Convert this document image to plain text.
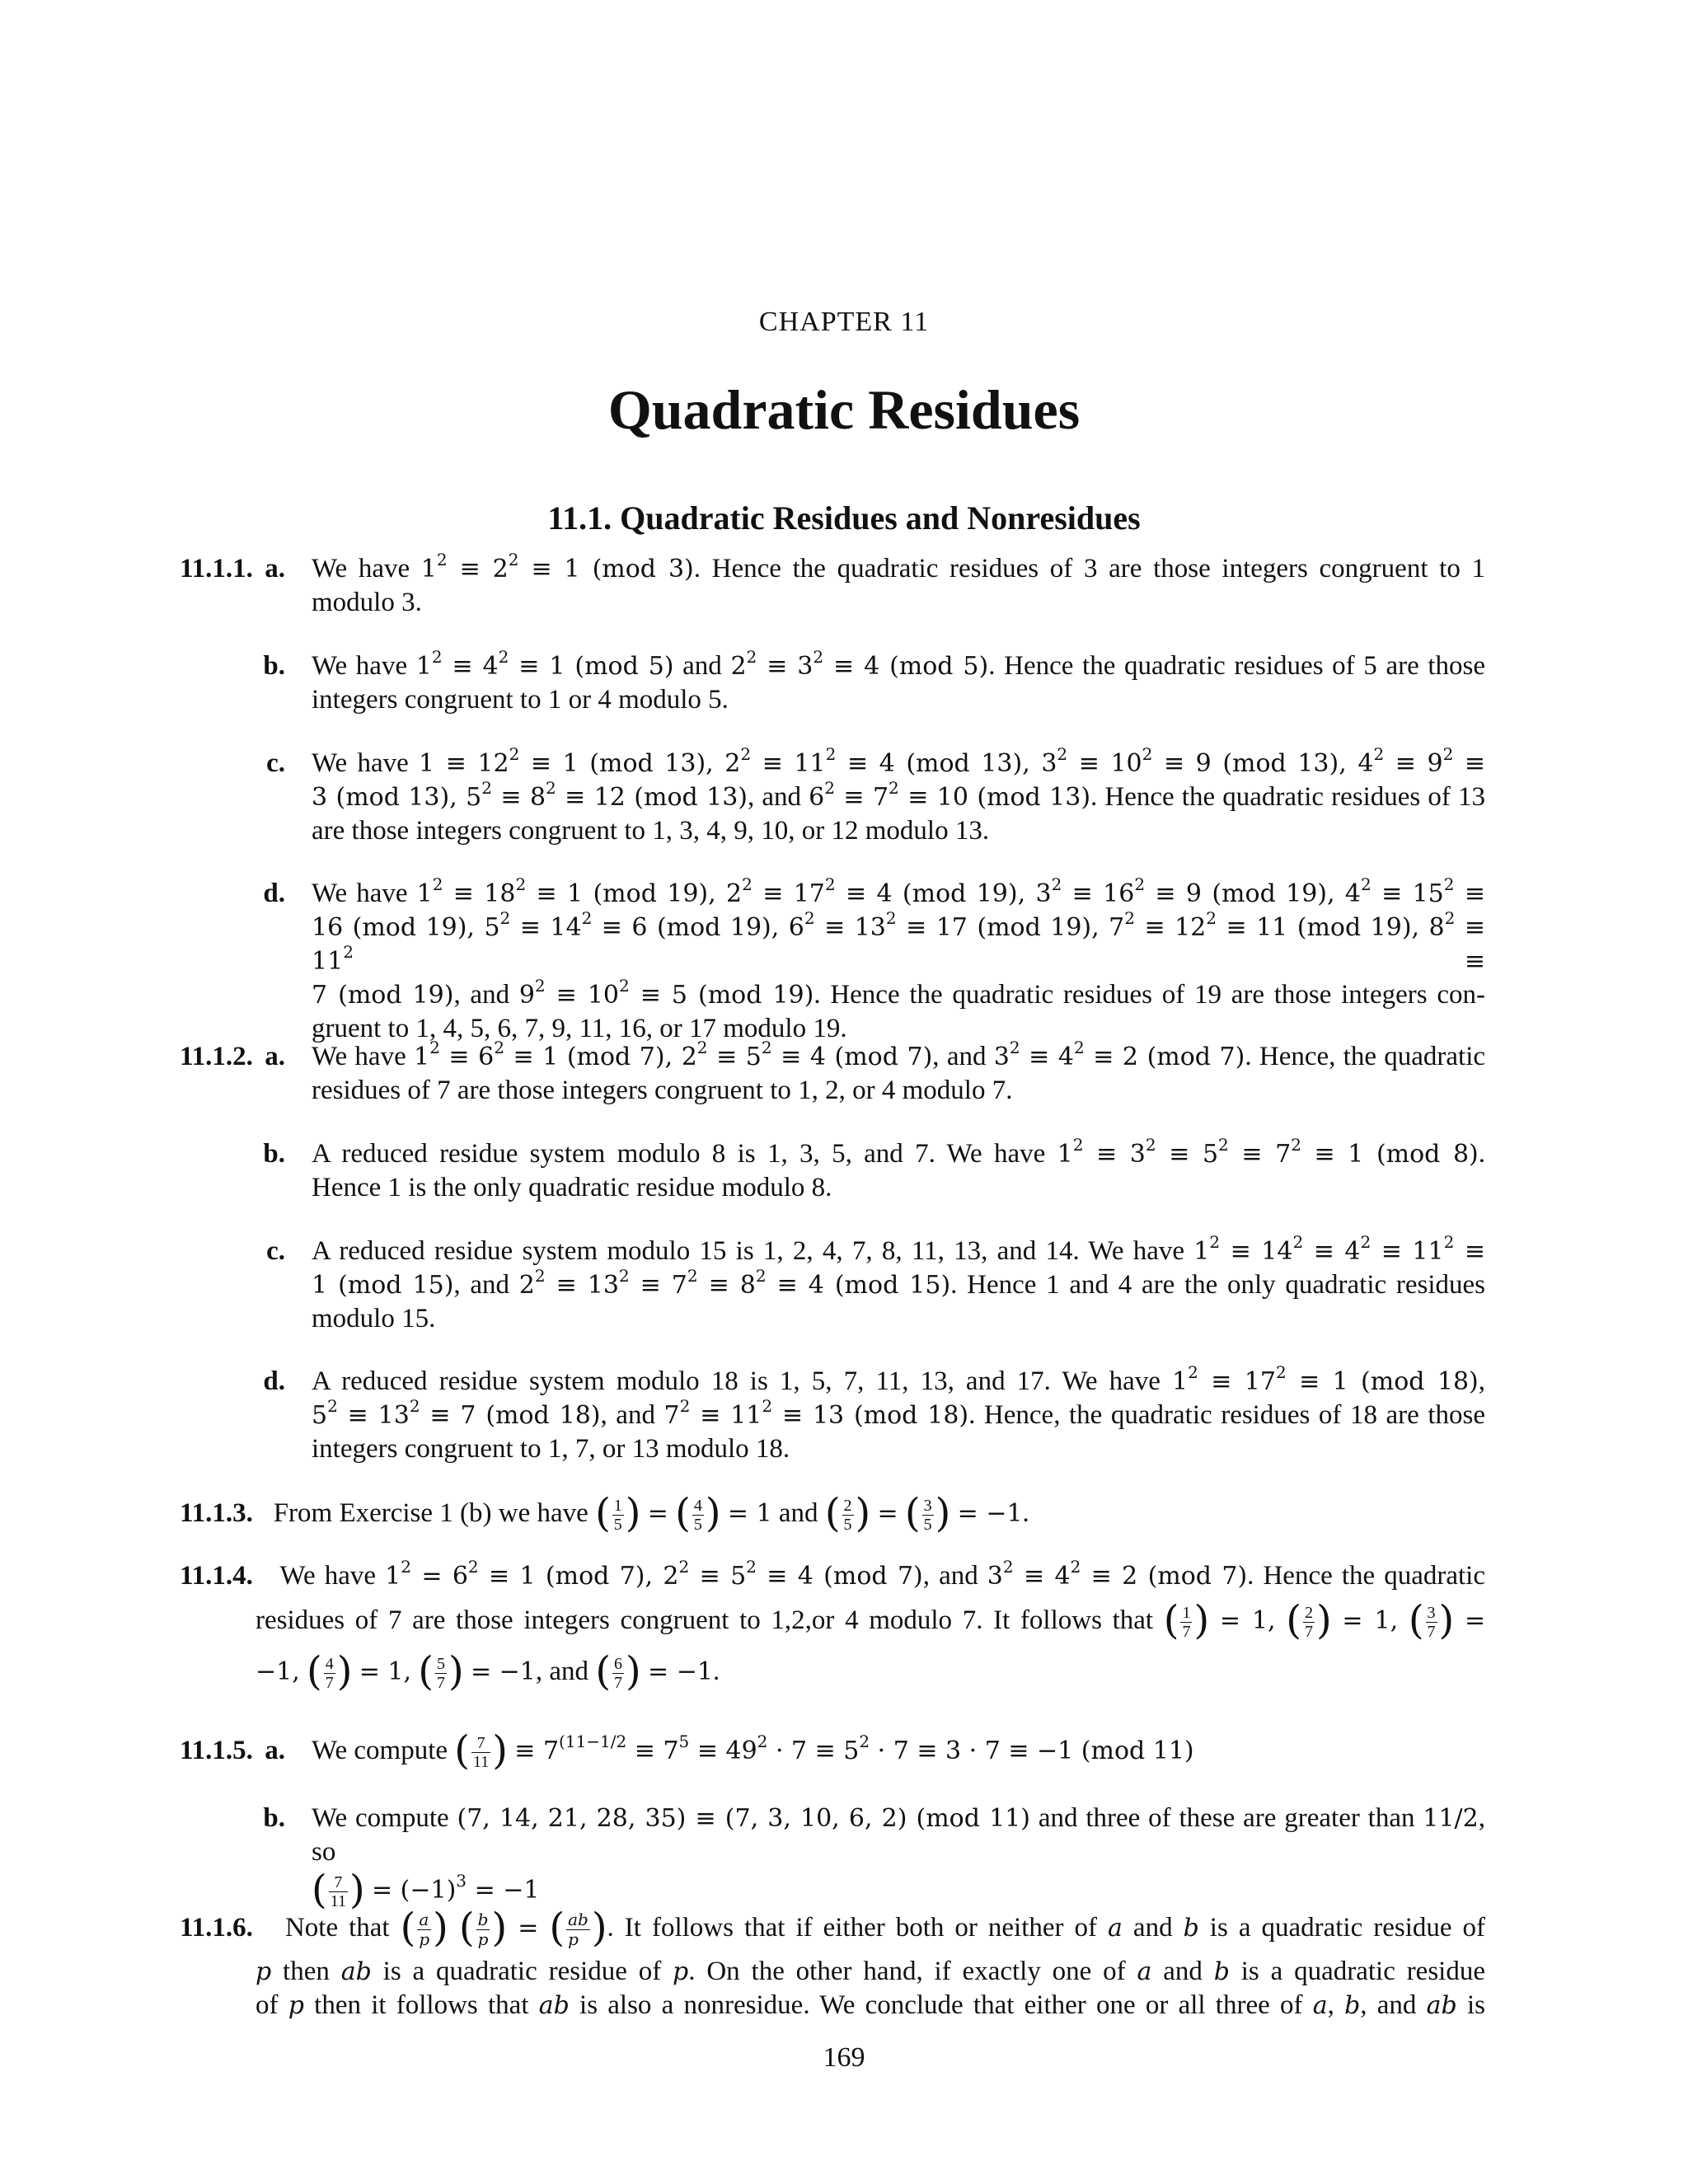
CHAPTER 11
Quadratic Residues
11.1. Quadratic Residues and Nonresidues
11.1.1. a. We have $1^2 \equiv 2^2 \equiv 1$ (mod 3). Hence the quadratic residues of 3 are those integers congruent to 1
modulo 3.
b. We have $1^2 \equiv 4^2 \equiv 1$ (mod 5) and $2^2 \equiv 3^2 \equiv 4$ (mod 5). Hence the quadratic residues of 5 are those
integers congruent to 1 or 4 modulo 5.
c. We have $1 \equiv 12^2 \equiv 1$ (mod 13), $2^2 \equiv 11^2 \equiv 4$ (mod 13), $3^2 \equiv 10^2 \equiv 9$ (mod 13), $4^2 \equiv 9^2$ ≡
3 (mod 13), $5^2 \equiv 8^2 \equiv 12$ (mod 13), and $6^2 \equiv 7^2 \equiv 10$ (mod 13). Hence the quadratic residues of 13
are those integers congruent to 1, 3, 4, 9, 10, or 12 modulo 13.
d. We have $1^2 \equiv 18^2 \equiv 1$ (mod 19), $2^2 \equiv 17^2 \equiv 4$ (mod 19), $3^2 \equiv 16^2 \equiv 9$ (mod 19), $4^2 \equiv 15^2$ ≡
16 (mod 19), $5^2 \equiv 14^2 \equiv 6$ (mod 19), $6^2 \equiv 13^2 \equiv 17$ (mod 19), $7^2 \equiv 12^2 \equiv 11$ (mod 19), $8^2 \equiv 11^2$ ≡
7 (mod 19), and $9^2 \equiv 10^2 \equiv 5$ (mod 19). Hence the quadratic residues of 19 are those integers con-
gruent to 1, 4, 5, 6, 7, 9, 11, 16, or 17 modulo 19.
11.1.2. a. We have $1^2 \equiv 6^2 \equiv 1$ (mod 7), $2^2 \equiv 5^2 \equiv 4$ (mod 7), and $3^2 \equiv 4^2 \equiv 2$ (mod 7). Hence, the quadratic
residues of 7 are those integers congruent to 1, 2, or 4 modulo 7.
b. A reduced residue system modulo 8 is 1, 3, 5, and 7. We have $1^2 \equiv 3^2 \equiv 5^2 \equiv 7^2 \equiv 1$ (mod 8).
Hence 1 is the only quadratic residue modulo 8.
c. A reduced residue system modulo 15 is 1, 2, 4, 7, 8, 11, 13, and 14. We have $1^2 \equiv 14^2 \equiv 4^2 \equiv 11^2$ ≡
1 (mod 15), and $2^2 \equiv 13^2 \equiv 7^2 \equiv 8^2 \equiv 4$ (mod 15). Hence 1 and 4 are the only quadratic residues
modulo 15.
d. A reduced residue system modulo 18 is 1, 5, 7, 11, 13, and 17. We have $1^2 \equiv 17^2 \equiv 1$ (mod 18),
$5^2 \equiv 13^2 \equiv 7$ (mod 18), and $7^2 \equiv 11^2 \equiv 13$ (mod 18). Hence, the quadratic residues of 18 are those
integers congruent to 1, 7, or 13 modulo 18.
11.1.3.   From Exercise 1 (b) we have ( $\frac{1}{5}$ ) = ( $\frac{4}{5}$ ) = 1 and ( $\frac{2}{5}$ ) = ( $\frac{3}{5}$ ) = −1.
11.1.4.   We have $1^2 = 6^2 \equiv 1$ (mod 7), $2^2 \equiv 5^2 \equiv 4$ (mod 7), and $3^2 \equiv 4^2 \equiv 2$ (mod 7). Hence the quadratic
residues of 7 are those integers congruent to 1,2,or 4 modulo 7. It follows that ( $\frac{1}{7}$ ) = 1, ( $\frac{2}{7}$ ) = 1, ( $\frac{3}{7}$ ) =
−1, ( $\frac{4}{7}$ ) = 1, ( $\frac{5}{7}$ ) = −1, and ( $\frac{6}{7}$ ) = −1.
11.1.5. a. We compute ( $\frac{7}{11}$ ) ≡ $7^{(11-1/2} \equiv 7^5 \equiv 49^2 \cdot 7 \equiv 5^2 \cdot 7 \equiv 3 \cdot 7 \equiv -1$ (mod 11)
b. We compute (7, 14, 21, 28, 35) ≡ (7, 3, 10, 6, 2) (mod 11) and three of these are greater than 11/2, so
( $\frac{7}{11}$ ) = $(-1)^3 = -1$
11.1.6.   Note that ( $\frac{a}{p}$ ) ( $\frac{b}{p}$ ) = ( $\frac{ab}{p}$ ). It follows that if either both or neither of a and b is a quadratic residue of
p then ab is a quadratic residue of p. On the other hand, if exactly one of a and b is a quadratic residue
of p then it follows that ab is also a nonresidue. We conclude that either one or all three of a, b, and ab is
169
